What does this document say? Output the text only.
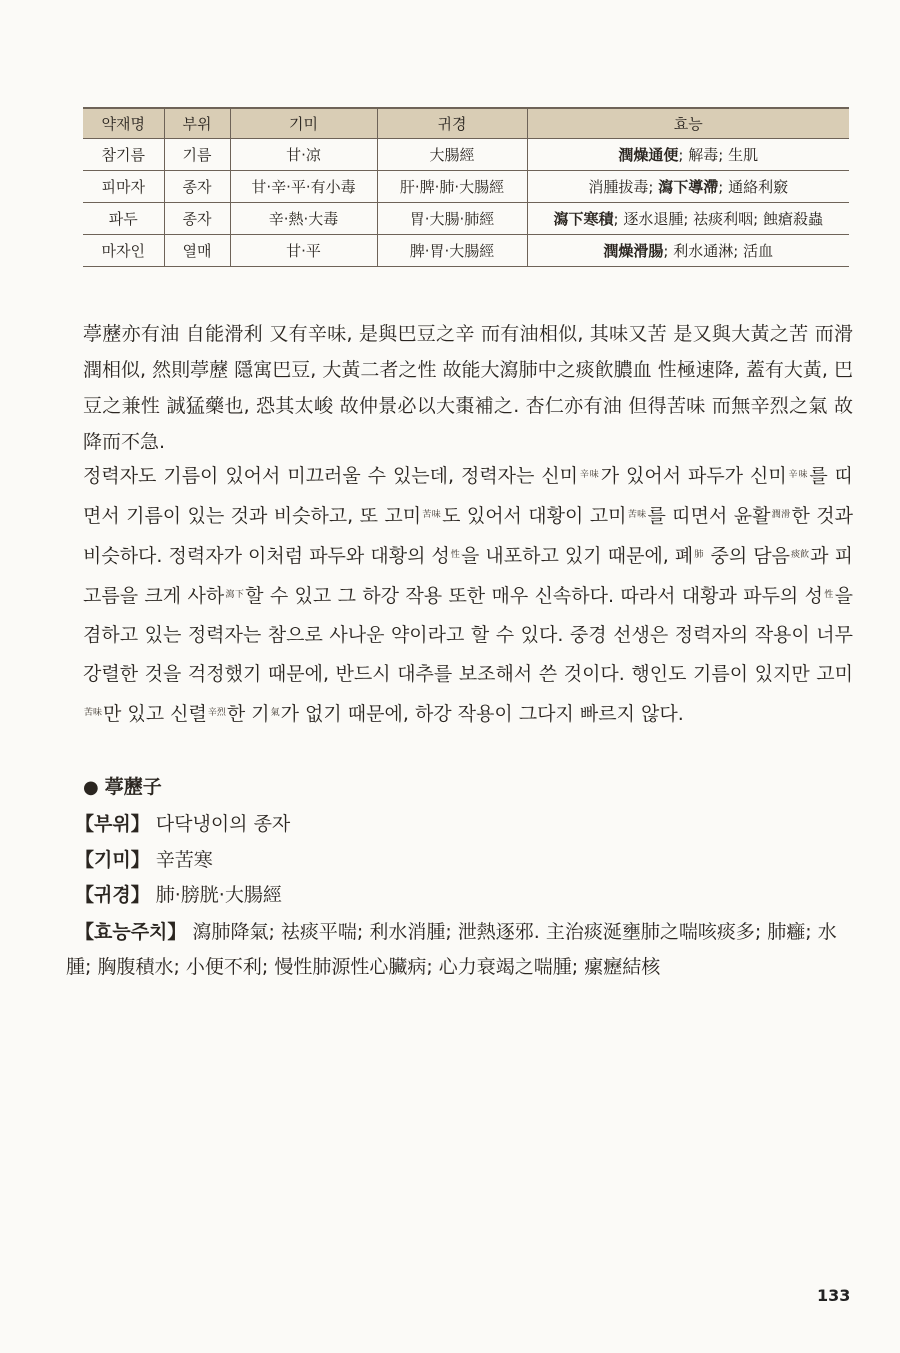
약재명	부위	기미	귀경	효능
참기름	기름	甘·凉	大腸經	潤燥通便; 解毒; 生肌
피마자	종자	甘·辛·平·有小毒	肝·脾·肺·大腸經	消腫拔毒; 瀉下導滯; 通絡利竅
파두	종자	辛·熱·大毒	胃·大腸·肺經	瀉下寒積; 逐水退腫; 祛痰利咽; 蝕瘡殺蟲
마자인	열매	甘·平	脾·胃·大腸經	潤燥滑腸; 利水通淋; 活血

葶藶亦有油 自能滑利 又有辛味, 是與巴豆之辛 而有油相似, 其味又苦 是又與大黃之苦 而滑潤相似, 然則葶藶 隱寓巴豆, 大黃二者之性 故能大瀉肺中之痰飮膿血 性極速降, 蓋有大黃, 巴豆之兼性 誠猛藥也, 恐其太峻 故仲景必以大棗補之. 杏仁亦有油 但得苦味 而無辛烈之氣 故降而不急.

정력자도 기름이 있어서 미끄러울 수 있는데, 정력자는 신미$^{辛味}$가 있어서 파두가 신미$^{辛味}$를 띠면서 기름이 있는 것과 비슷하고, 또 고미$^{苦味}$도 있어서 대황이 고미$^{苦味}$를 띠면서 윤활$^{潤滑}$한 것과 비슷하다. 정력자가 이처럼 파두와 대황의 성$^性$을 내포하고 있기 때문에, 폐$^肺$ 중의 담음$^{痰飮}$과 피고름을 크게 사하$^{瀉下}$할 수 있고 그 하강 작용 또한 매우 신속하다. 따라서 대황과 파두의 성$^性$을 겸하고 있는 정력자는 참으로 사나운 약이라고 할 수 있다. 중경 선생은 정력자의 작용이 너무 강렬한 것을 걱정했기 때문에, 반드시 대추를 보조해서 쓴 것이다. 행인도 기름이 있지만 고미$^{苦味}$만 있고 신렬$^{辛烈}$한 기$^氣$가 없기 때문에, 하강 작용이 그다지 빠르지 않다.

● 葶藶子

【부위】 다닥냉이의 종자

【기미】 辛苦寒

【귀경】 肺·膀胱·大腸經

【효능주치】 瀉肺降氣; 祛痰平喘; 利水消腫; 泄熱逐邪. 主治痰涎壅肺之喘咳痰多; 肺癰; 水腫; 胸腹積水; 小便不利; 慢性肺源性心臟病; 心力衰竭之喘腫; 瘰癧結核

133
